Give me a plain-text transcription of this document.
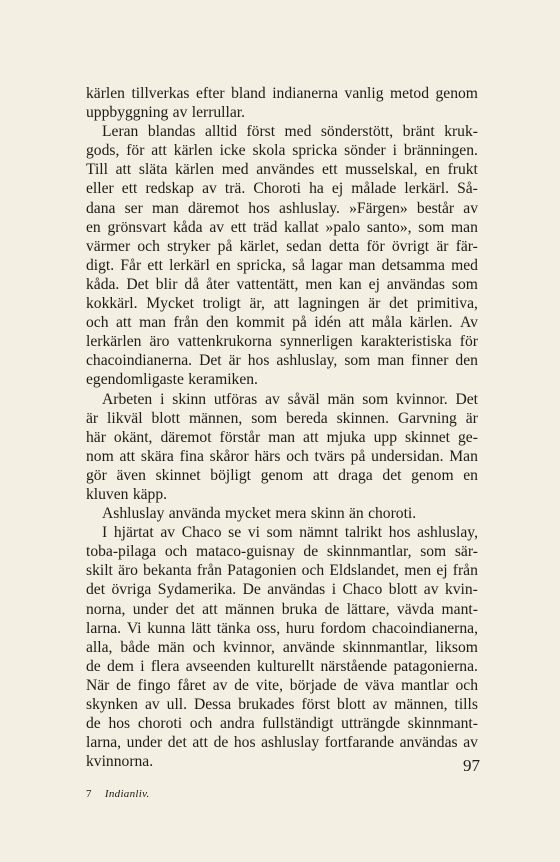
kärlen tillverkas efter bland indianerna vanlig metod genom
uppbyggning av lerrullar.
Leran blandas alltid först med sönderstött, bränt kruk-
gods, för att kärlen icke skola spricka sönder i bränningen.
Till att släta kärlen med användes ett musselskal, en frukt
eller ett redskap av trä. Choroti ha ej målade lerkärl. Så-
dana ser man däremot hos ashluslay. »Färgen» består av
en grönsvart kåda av ett träd kallat »palo santo», som man
värmer och stryker på kärlet, sedan detta för övrigt är fär-
digt. Får ett lerkärl en spricka, så lagar man detsamma med
kåda. Det blir då åter vattentätt, men kan ej användas som
kokkärl. Mycket troligt är, att lagningen är det primitiva,
och att man från den kommit på idén att måla kärlen. Av
lerkärlen äro vattenkrukorna synnerligen karakteristiska för
chacoindianerna. Det är hos ashluslay, som man finner den
egendomligaste keramiken.
Arbeten i skinn utföras av såväl män som kvinnor. Det
är likväl blott männen, som bereda skinnen. Garvning är
här okänt, däremot förstår man att mjuka upp skinnet ge-
nom att skära fina skåror härs och tvärs på undersidan. Man
gör även skinnet böjligt genom att draga det genom en
kluven käpp.
Ashluslay använda mycket mera skinn än choroti.
I hjärtat av Chaco se vi som nämnt talrikt hos ashluslay,
toba-pilaga och mataco-guisnay de skinnmantlar, som sär-
skilt äro bekanta från Patagonien och Eldslandet, men ej från
det övriga Sydamerika. De användas i Chaco blott av kvin-
norna, under det att männen bruka de lättare, vävda mant-
larna. Vi kunna lätt tänka oss, huru fordom chacoindianerna,
alla, både män och kvinnor, använde skinnmantlar, liksom
de dem i flera avseenden kulturellt närstående patagonierna.
När de fingo fåret av de vite, började de väva mantlar och
skynken av ull. Dessa brukades först blott av männen, tills
de hos choroti och andra fullständigt utträngde skinnmant-
larna, under det att de hos ashluslay fortfarande användas av
kvinnorna.	97
7 Indianliv.
